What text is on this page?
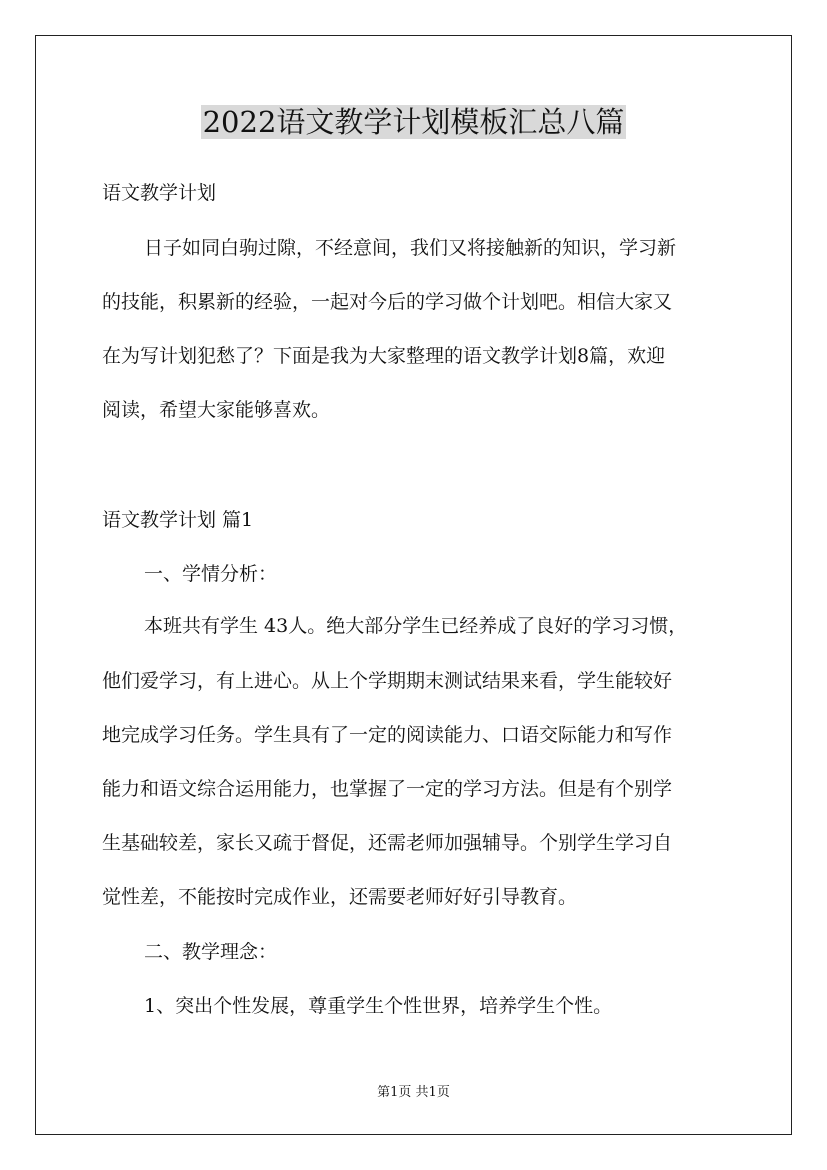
2022语文教学计划模板汇总八篇

语文教学计划

日子如同白驹过隙，不经意间，我们又将接触新的知识，学习新

的技能，积累新的经验，一起对今后的学习做个计划吧。相信大家又

在为写计划犯愁了？下面是我为大家整理的语文教学计划8篇，欢迎

阅读，希望大家能够喜欢。

语文教学计划 篇1

一、学情分析：

本班共有学生 43人。绝大部分学生已经养成了良好的学习习惯，

他们爱学习，有上进心。从上个学期期末测试结果来看，学生能较好

地完成学习任务。学生具有了一定的阅读能力、口语交际能力和写作

能力和语文综合运用能力，也掌握了一定的学习方法。但是有个别学

生基础较差，家长又疏于督促，还需老师加强辅导。个别学生学习自

觉性差，不能按时完成作业，还需要老师好好引导教育。

二、教学理念：

1、突出个性发展，尊重学生个性世界，培养学生个性。

第1页 共1页
